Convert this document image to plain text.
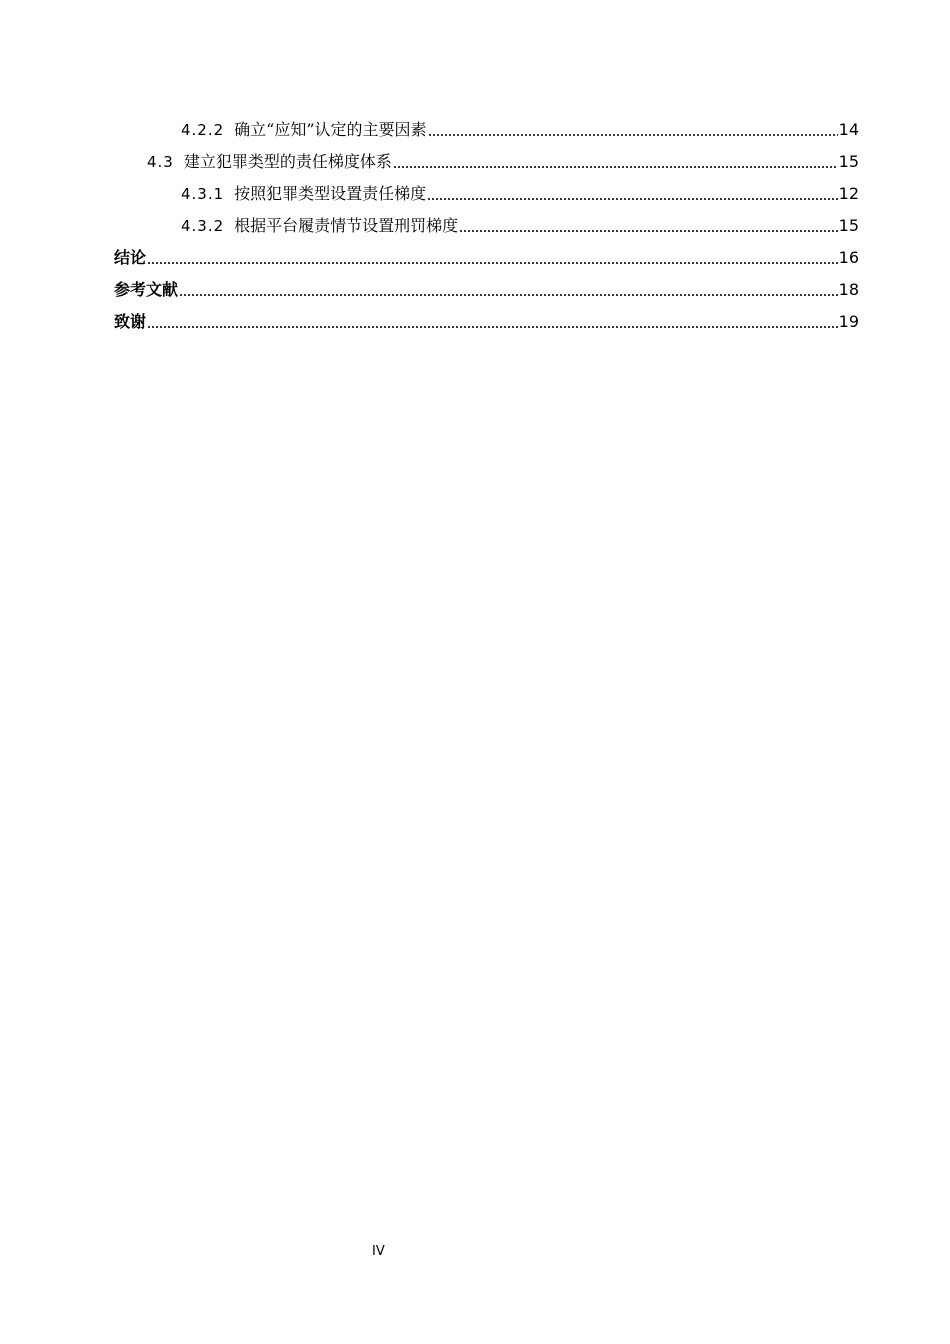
4.2.2 确立“应知”认定的主要因素	14
4.3 建立犯罪类型的责任梯度体系	15
4.3.1 按照犯罪类型设置责任梯度	12
4.3.2 根据平台履责情节设置刑罚梯度	15
结论	16
参考文献	18
致谢	19
IV
